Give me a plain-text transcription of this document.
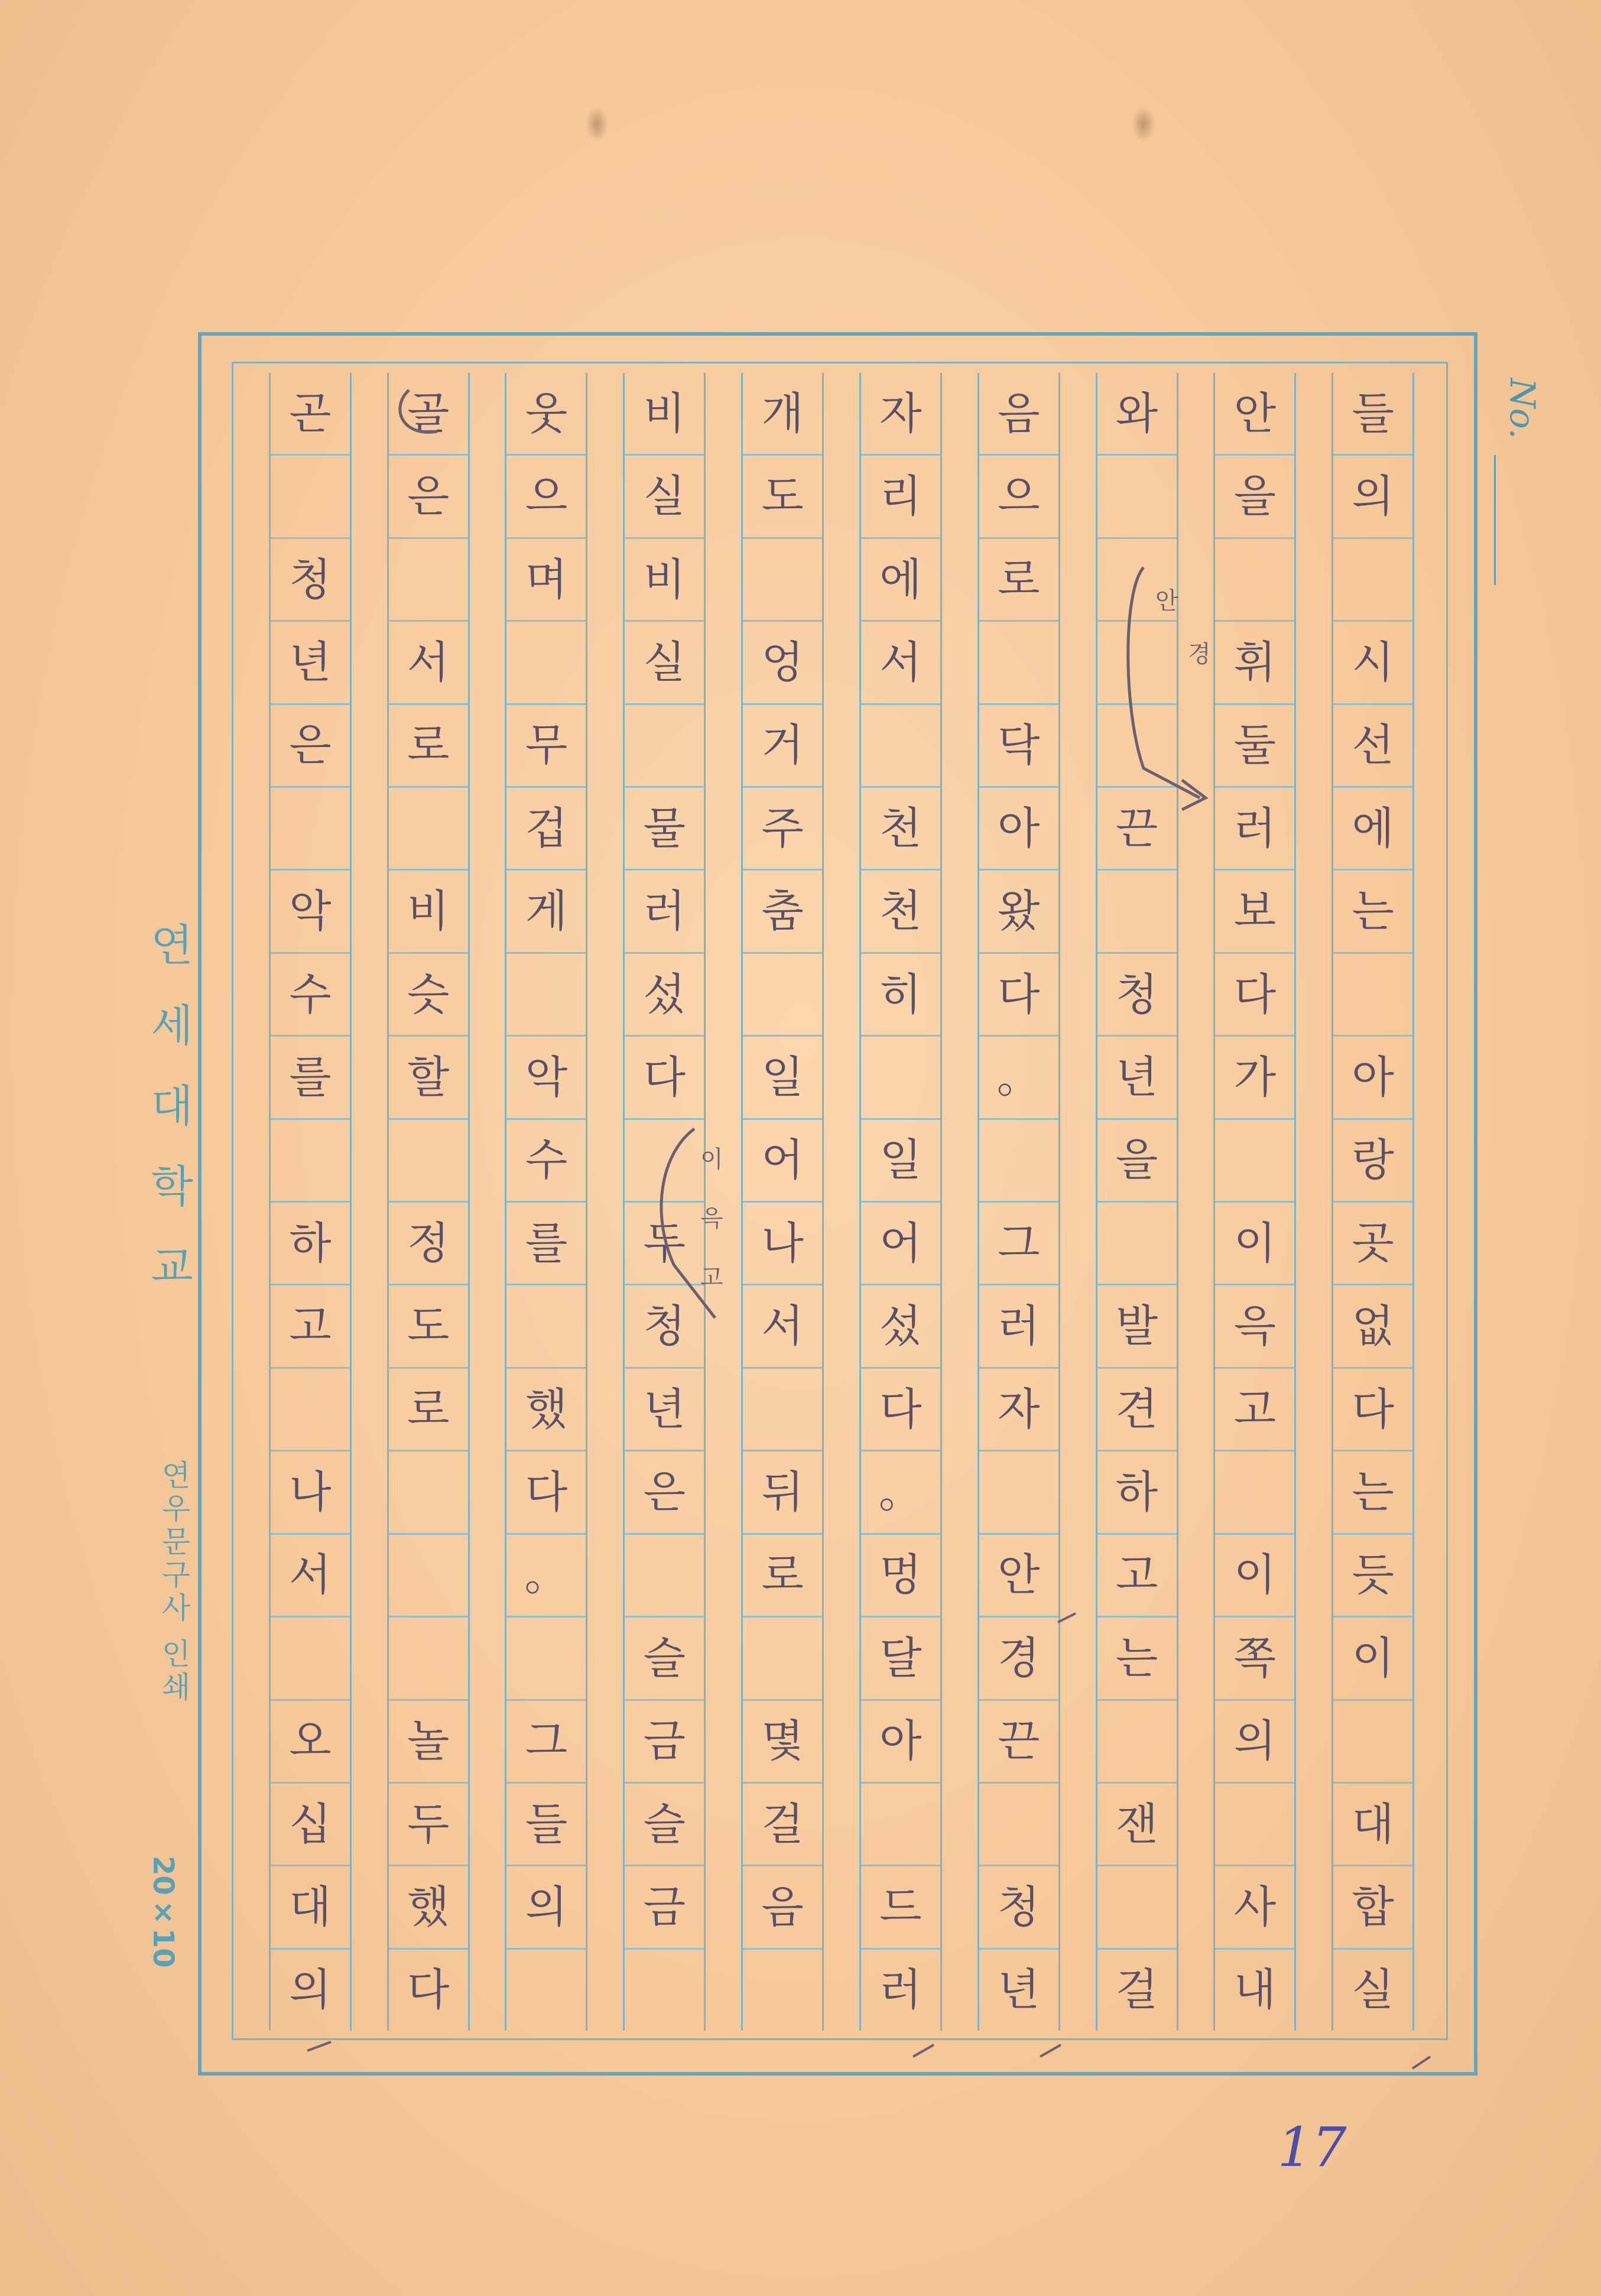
No.
들
의
시
선
에
는
아
랑
곳
없
다
는
듯
이
대
합
실
안
을
휘
둘
러
보
다
가
이
윽
고
이
쪽
의
사
내
와
끈
청
년
을
발
견
하
고
는
잰
걸
음
으
로
닥
아
왔
다
。
그
러
자
안
경
끈
청
년
자
리
에
서
천
천
히
일
어
섰
다
。
멍
달
아
드
러
개
도
엉
거
주
춤
일
어
나
서
뒤
로
몇
걸
음
비
실
비
실
물
러
섰
다
두
청
년
은
슬
금
슬
금
웃
으
며
무
겁
게
악
수
를
했
다
。
그
들
의
골
은
서
로
비
슷
할
정
도
로
놀
두
했
다
곤
청
년
은
악
수
를
하
고
나
서
오
십
대
의
연세대학교
연우문구사 인쇄
20×10
17
안
경
이
윽
고
